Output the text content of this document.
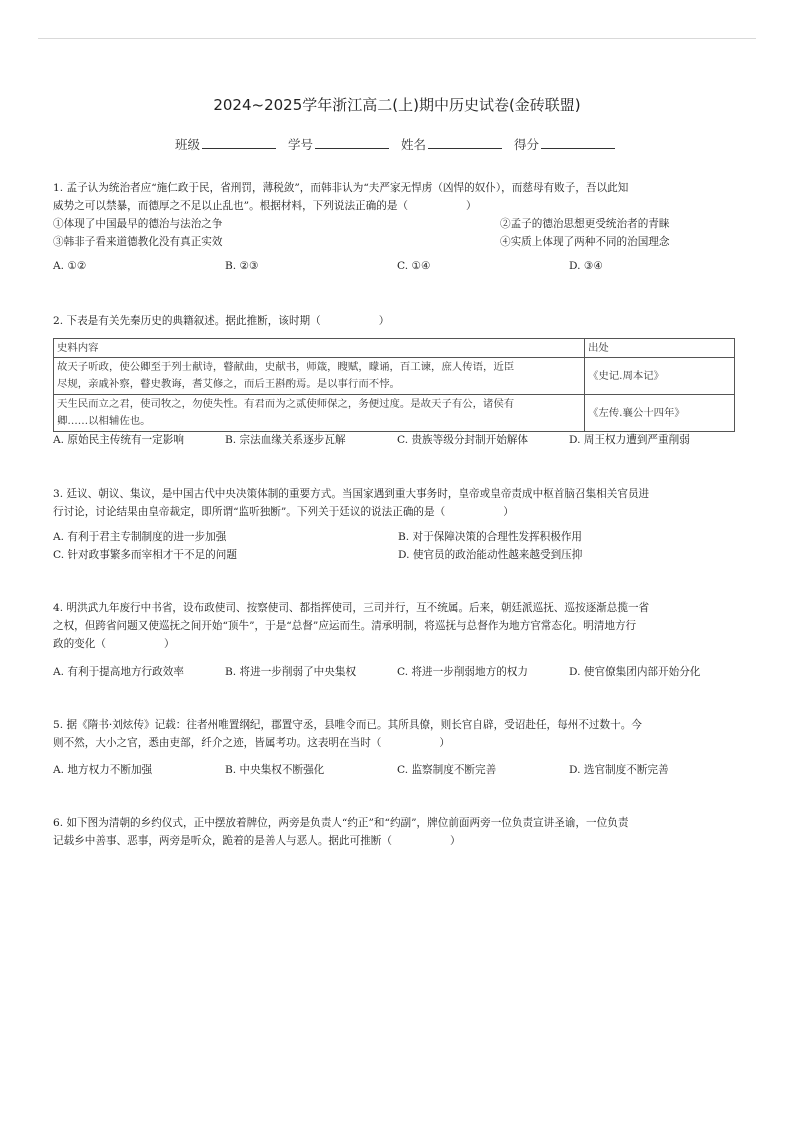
2024~2025学年浙江高二(上)期中历史试卷(金砖联盟)
班级	学号	姓名	得分
1. 孟子认为统治者应“施仁政于民，省刑罚，薄税敛”，而韩非认为“夫严家无悍虏（凶悍的奴仆），而慈母有败子，吾以此知
威势之可以禁暴，而德厚之不足以止乱也”。根据材料，下列说法正确的是（	）
①体现了中国最早的德治与法治之争	②孟子的德治思想更受统治者的青睐
③韩非子看来道德教化没有真正实效	④实质上体现了两种不同的治国理念
A. ①②	B. ②③	C. ①④	D. ③④
2. 下表是有关先秦历史的典籍叙述。据此推断，该时期（	）
史料内容	出处

故天子听政，使公卿至于列士献诗，瞽献曲，史献书，师箴，瞍赋，矇诵，百工谏，庶人传语，近臣
尽规，亲戚补察，瞽史教诲，耆艾修之，而后王斟酌焉。是以事行而不悖。	《史记.周本记》

天生民而立之君，使司牧之，勿使失性。有君而为之贰使师保之，务便过度。是故天子有公，诸侯有
卿……以相辅佐也。	《左传.襄公十四年》
A. 原始民主传统有一定影响	B. 宗法血缘关系逐步瓦解	C. 贵族等级分封制开始解体	D. 周王权力遭到严重削弱
3. 廷议、朝议、集议，是中国古代中央决策体制的重要方式。当国家遇到重大事务时，皇帝或皇帝责成中枢首脑召集相关官员进
行讨论，讨论结果由皇帝裁定，即所谓“监听独断”。下列关于廷议的说法正确的是（	）
A. 有利于君主专制制度的进一步加强	B. 对于保障决策的合理性发挥积极作用
C. 针对政事繁多而宰相才干不足的问题	D. 使官员的政治能动性越来越受到压抑
4. 明洪武九年废行中书省，设布政使司、按察使司、都指挥使司，三司并行，互不统属。后来，朝廷派巡抚、巡按逐渐总揽一省
之权，但跨省问题又使巡抚之间开始“顶牛”，于是“总督”应运而生。清承明制，将巡抚与总督作为地方官常态化。明清地方行
政的变化（	）
A. 有利于提高地方行政效率	B. 将进一步削弱了中央集权	C. 将进一步削弱地方的权力	D. 使官僚集团内部开始分化
5. 据《隋书·刘炫传》记载：往者州唯置纲纪，郡置守丞，县唯令而已。其所具僚，则长官自辟，受诏赴任，每州不过数十。今
则不然，大小之官，悉由吏部，纤介之迹，皆属考功。这表明在当时（	）
A. 地方权力不断加强	B. 中央集权不断强化	C. 监察制度不断完善	D. 选官制度不断完善
6. 如下图为清朝的乡约仪式，正中摆放着牌位，两旁是负责人“约正”和“约副”，牌位前面两旁一位负责宣讲圣谕，一位负责
记载乡中善事、恶事，两旁是听众，跪着的是善人与恶人。据此可推断（	）
